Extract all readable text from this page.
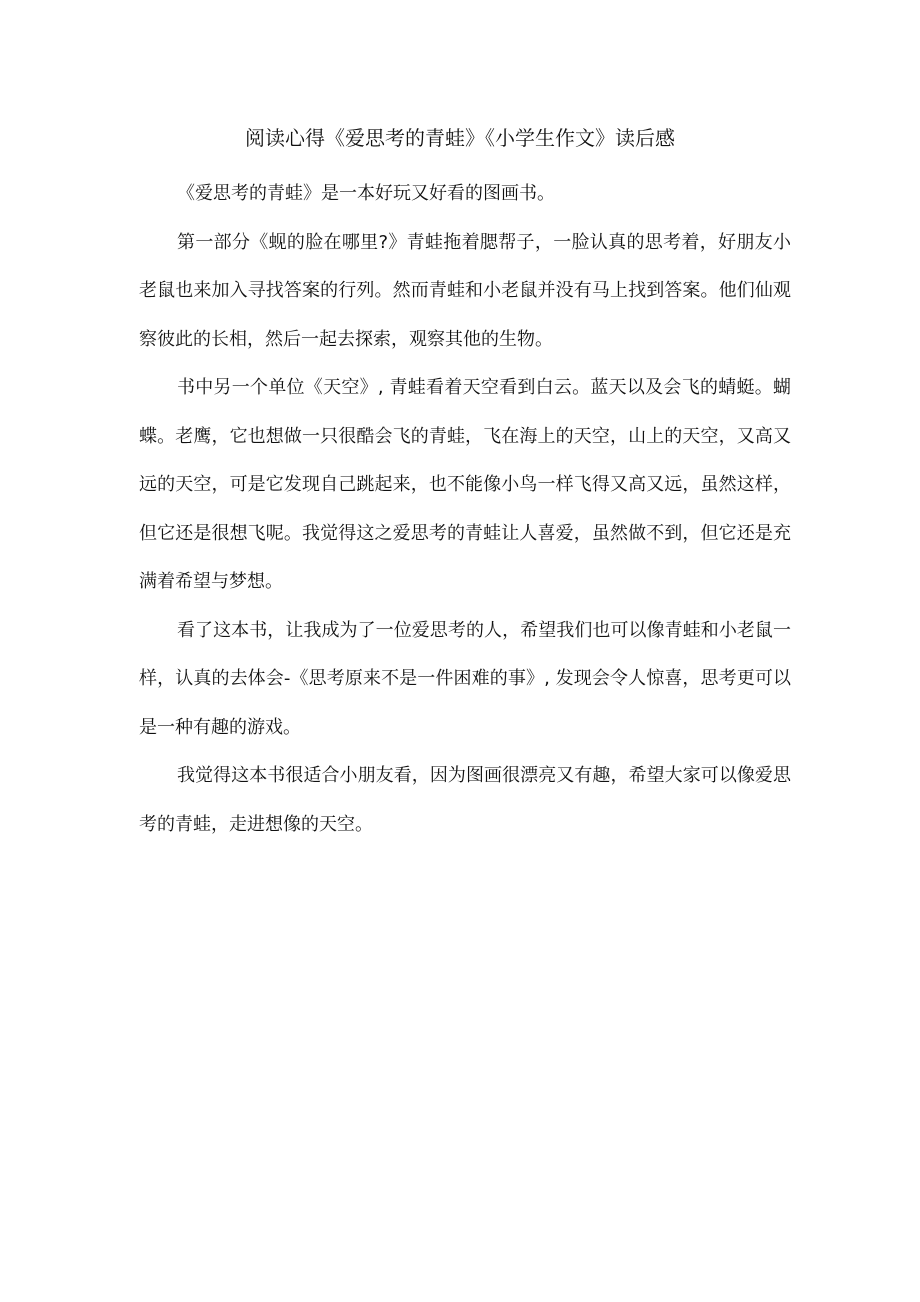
阅读心得《爱思考的青蛙》《小学生作文》读后感

《爱思考的青蛙》是一本好玩又好看的图画书。

第一部分《蚬的脸在哪里?》青蛙拖着腮帮子，一脸认真的思考着，好朋友小老鼠也来加入寻找答案的行列。然而青蛙和小老鼠并没有马上找到答案。他们仙观察彼此的长相，然后一起去探索，观察其他的生物。

书中另一个单位《天空》, 青蛙看着天空看到白云。蓝天以及会飞的蜻蜓。蝴蝶。老鹰，它也想做一只很酷会飞的青蛙，飞在海上的天空，山上的天空，又高又远的天空，可是它发现自己跳起来，也不能像小鸟一样飞得又高又远，虽然这样，但它还是很想飞呢。我觉得这之爱思考的青蛙让人喜爱，虽然做不到，但它还是充满着希望与梦想。

看了这本书，让我成为了一位爱思考的人，希望我们也可以像青蛙和小老鼠一样，认真的去体会-《思考原来不是一件困难的事》, 发现会令人惊喜，思考更可以是一种有趣的游戏。

我觉得这本书很适合小朋友看，因为图画很漂亮又有趣，希望大家可以像爱思考的青蛙，走进想像的天空。
